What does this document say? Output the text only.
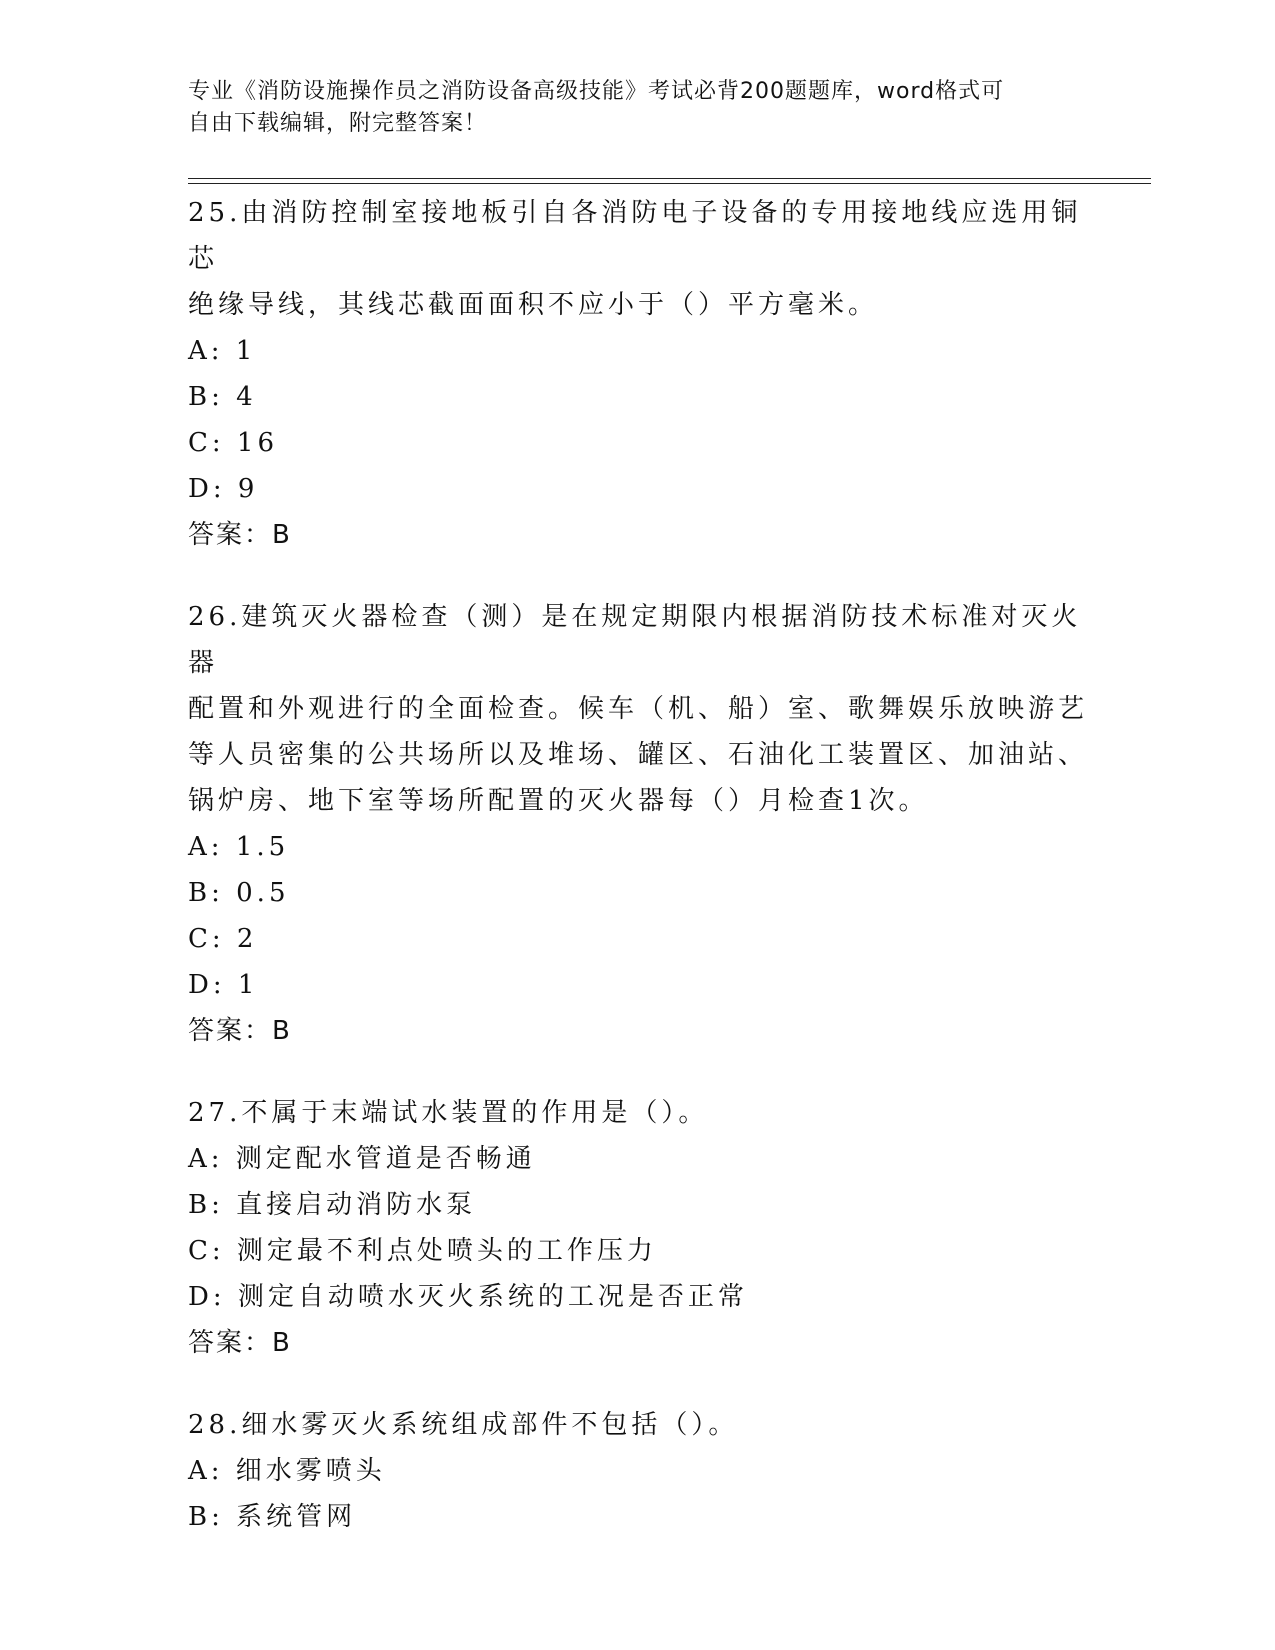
专业《消防设施操作员之消防设备高级技能》考试必背200题题库，word格式可
自由下载编辑，附完整答案！
25.由消防控制室接地板引自各消防电子设备的专用接地线应选用铜芯
绝缘导线，其线芯截面面积不应小于（）平方毫米。
A: 1
B: 4
C: 16
D: 9
答案：B
26.建筑灭火器检查（测）是在规定期限内根据消防技术标准对灭火器
配置和外观进行的全面检查。候车（机、船）室、歌舞娱乐放映游艺
等人员密集的公共场所以及堆场、罐区、石油化工装置区、加油站、
锅炉房、地下室等场所配置的灭火器每（）月检查1次。
A: 1.5
B: 0.5
C: 2
D: 1
答案：B
27.不属于末端试水装置的作用是（）。
A: 测定配水管道是否畅通
B: 直接启动消防水泵
C: 测定最不利点处喷头的工作压力
D: 测定自动喷水灭火系统的工况是否正常
答案：B
28.细水雾灭火系统组成部件不包括（）。
A: 细水雾喷头
B: 系统管网
